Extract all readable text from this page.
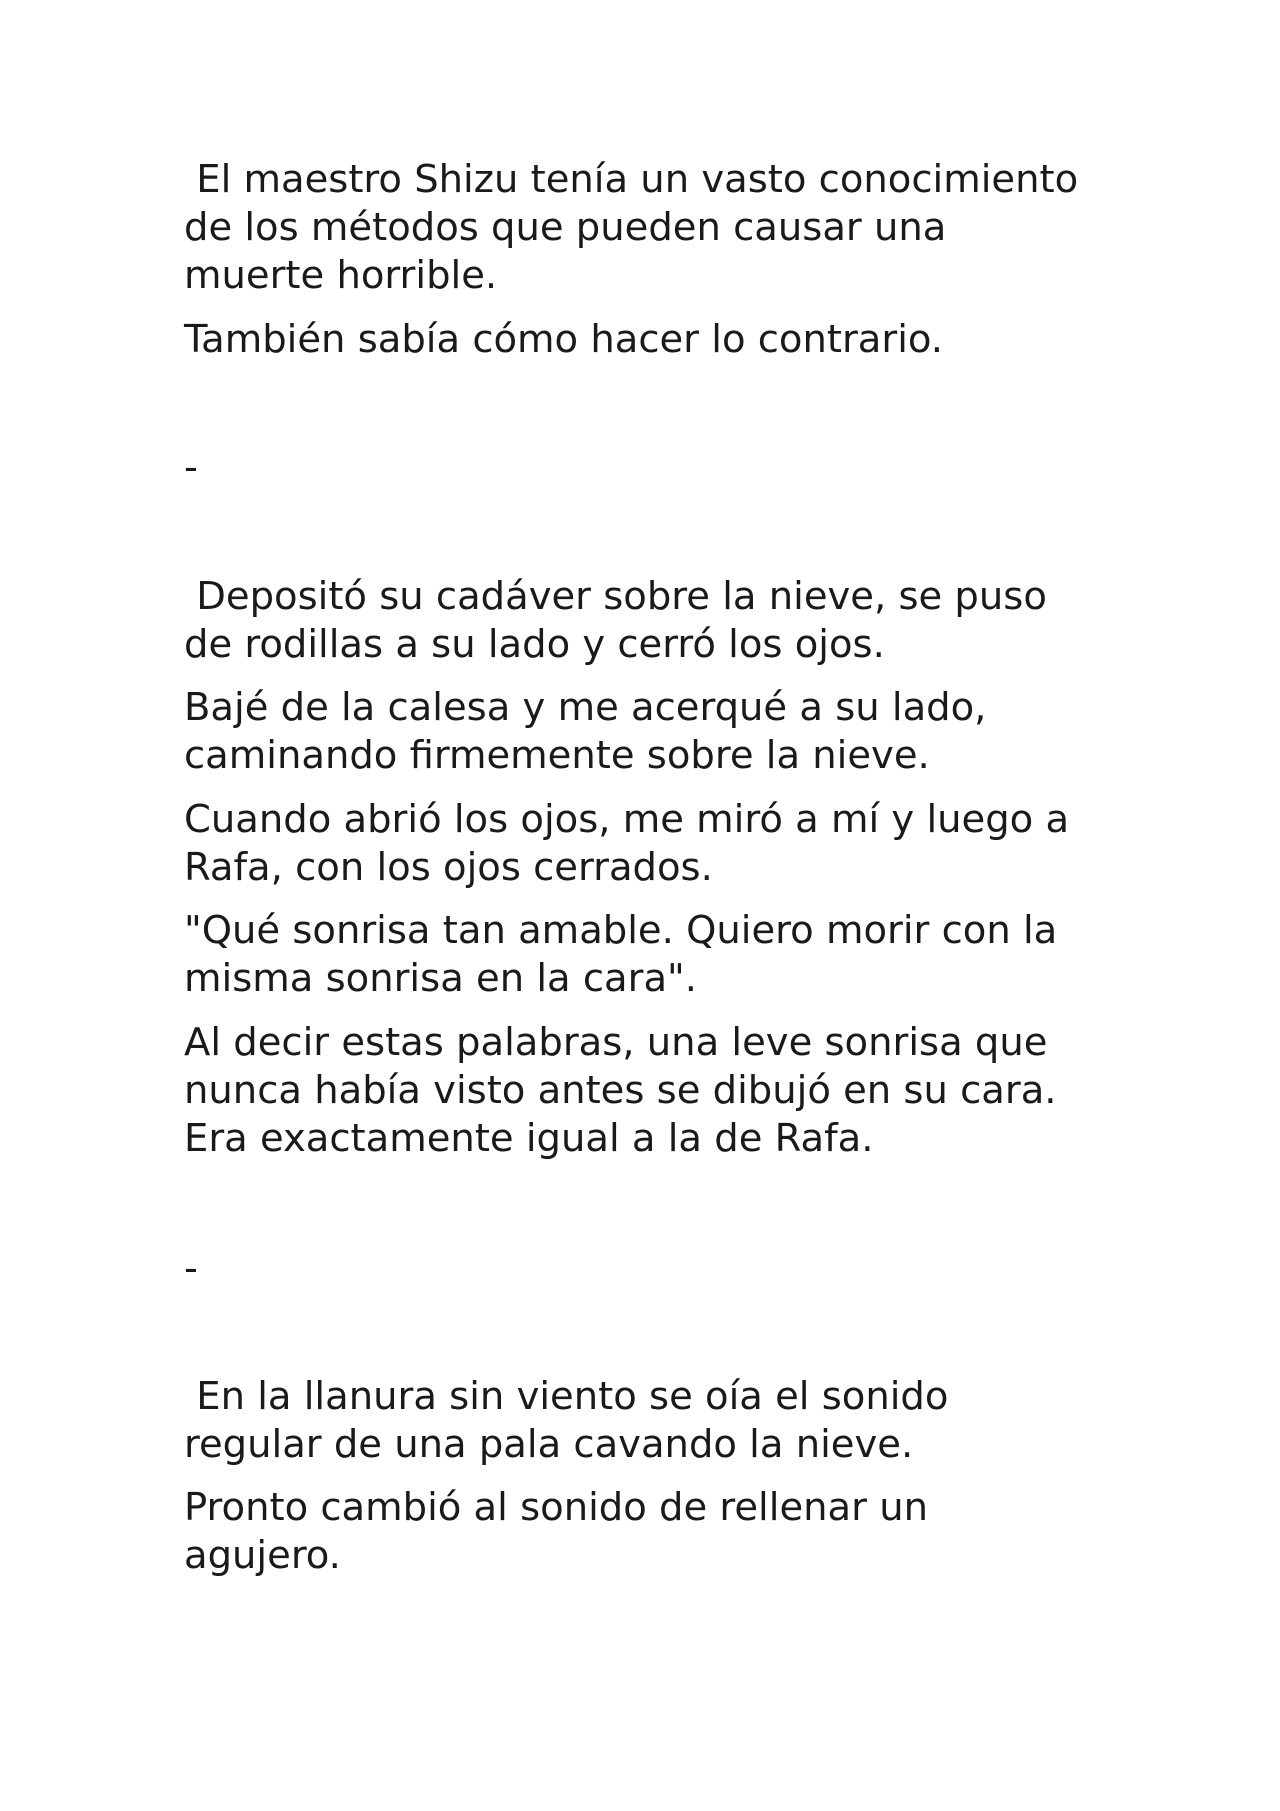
El maestro Shizu tenía un vasto conocimiento
de los métodos que pueden causar una
muerte horrible.

También sabía cómo hacer lo contrario.

-

Depositó su cadáver sobre la nieve, se puso
de rodillas a su lado y cerró los ojos.

Bajé de la calesa y me acerqué a su lado,
caminando firmemente sobre la nieve.

Cuando abrió los ojos, me miró a mí y luego a
Rafa, con los ojos cerrados.

"Qué sonrisa tan amable. Quiero morir con la
misma sonrisa en la cara".

Al decir estas palabras, una leve sonrisa que
nunca había visto antes se dibujó en su cara.
Era exactamente igual a la de Rafa.

-

En la llanura sin viento se oía el sonido
regular de una pala cavando la nieve.

Pronto cambió al sonido de rellenar un
agujero.
